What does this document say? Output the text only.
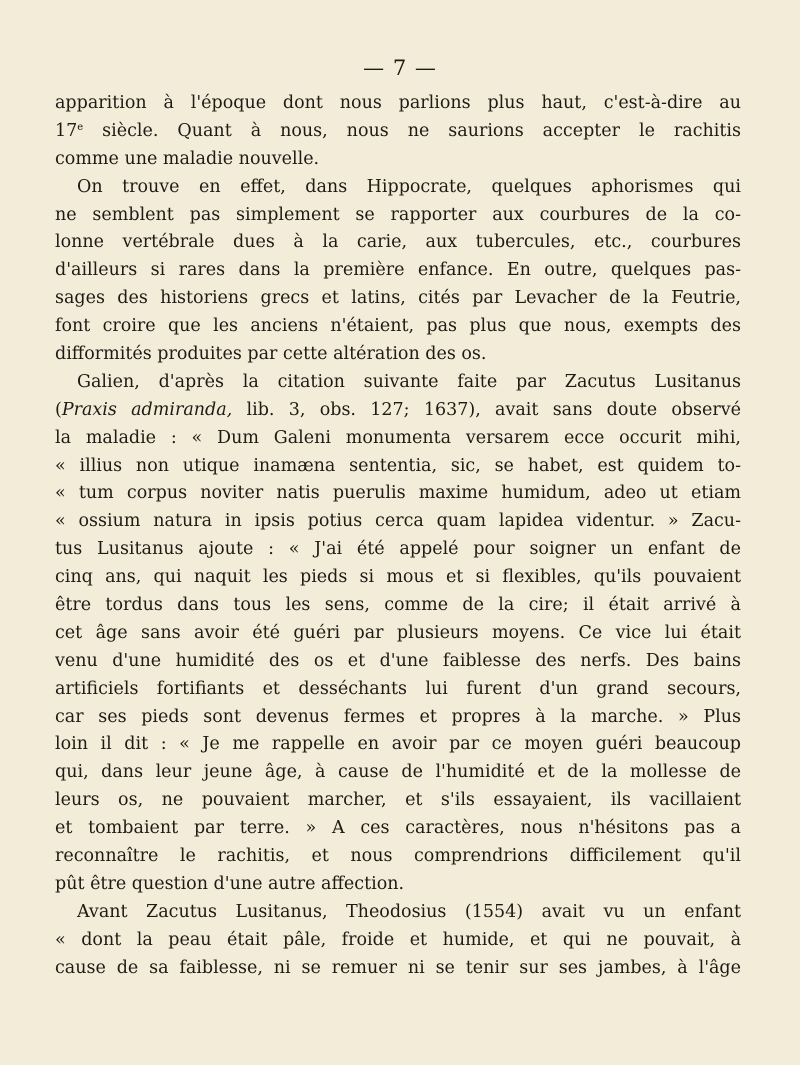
— 7 —
apparition à l'époque dont nous parlions plus haut, c'est-à-dire au
17e siècle. Quant à nous, nous ne saurions accepter le rachitis
comme une maladie nouvelle.
On trouve en effet, dans Hippocrate, quelques aphorismes qui
ne semblent pas simplement se rapporter aux courbures de la co-
lonne vertébrale dues à la carie, aux tubercules, etc., courbures
d'ailleurs si rares dans la première enfance. En outre, quelques pas-
sages des historiens grecs et latins, cités par Levacher de la Feutrie,
font croire que les anciens n'étaient, pas plus que nous, exempts des
difformités produites par cette altération des os.
Galien, d'après la citation suivante faite par Zacutus Lusitanus
(Praxis admiranda, lib. 3, obs. 127; 1637), avait sans doute observé
la maladie : « Dum Galeni monumenta versarem ecce occurit mihi,
« illius non utique inamæna sententia, sic, se habet, est quidem to-
« tum corpus noviter natis puerulis maxime humidum, adeo ut etiam
« ossium natura in ipsis potius cerca quam lapidea videntur. » Zacu-
tus Lusitanus ajoute : « J'ai été appelé pour soigner un enfant de
cinq ans, qui naquit les pieds si mous et si flexibles, qu'ils pouvaient
être tordus dans tous les sens, comme de la cire; il était arrivé à
cet âge sans avoir été guéri par plusieurs moyens. Ce vice lui était
venu d'une humidité des os et d'une faiblesse des nerfs. Des bains
artificiels fortifiants et desséchants lui furent d'un grand secours,
car ses pieds sont devenus fermes et propres à la marche. » Plus
loin il dit : « Je me rappelle en avoir par ce moyen guéri beaucoup
qui, dans leur jeune âge, à cause de l'humidité et de la mollesse de
leurs os, ne pouvaient marcher, et s'ils essayaient, ils vacillaient
et tombaient par terre. » A ces caractères, nous n'hésitons pas a
reconnaître le rachitis, et nous comprendrions difficilement qu'il
pût être question d'une autre affection.
Avant Zacutus Lusitanus, Theodosius (1554) avait vu un enfant
« dont la peau était pâle, froide et humide, et qui ne pouvait, à
cause de sa faiblesse, ni se remuer ni se tenir sur ses jambes, à l'âge
